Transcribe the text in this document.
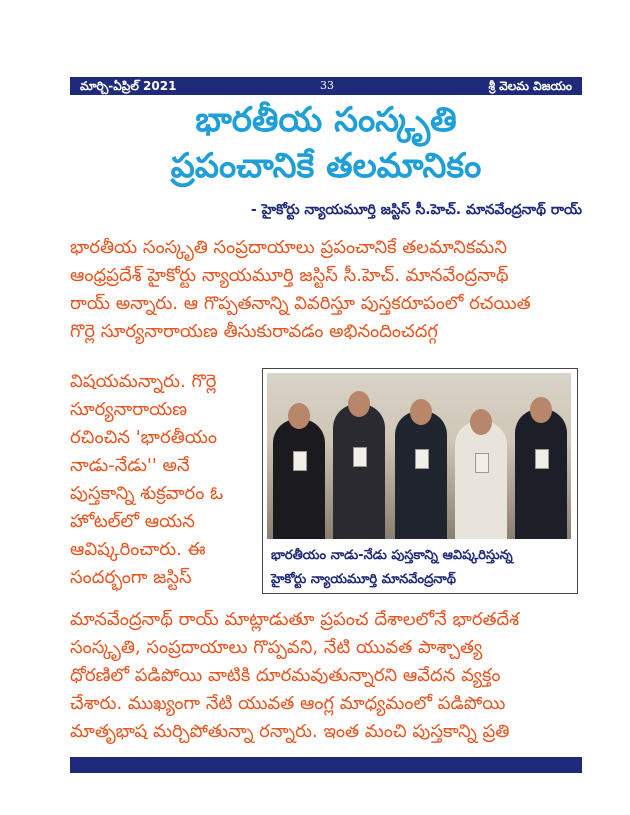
మార్చి-ఏప్రిల్ 2021	33	శ్రీ వెలమ విజయం
భారతీయ సంస్కృతి
ప్రపంచానికే తలమానికం
- హైకోర్టు న్యాయమూర్తి జస్టిస్ సీ.హెచ్. మానవేంద్రనాథ్ రాయ్
భారతీయ సంస్కృతి సంప్రదాయాలు ప్రపంచానికే తలమానికమని
ఆంధ్రప్రదేశ్ హైకోర్టు న్యాయమూర్తి జస్టిస్ సీ.హెచ్. మానవేంద్రనాథ్
రాయ్ అన్నారు. ఆ గొప్పతనాన్ని వివరిస్తూ పుస్తకరూపంలో రచయిత
గొర్లె సూర్యనారాయణ తీసుకురావడం అభినందించదగ్గ
విషయమన్నారు. గొర్లె
సూర్యనారాయణ
రచించిన 'భారతీయం
నాడు-నేడు'' అనే
పుస్తకాన్ని శుక్రవారం ఓ
హోటల్‌లో ఆయన
ఆవిష్కరించారు. ఈ
సందర్భంగా జస్టిస్
భారతీయం నాడు-నేడు పుస్తకాన్ని ఆవిష్కరిస్తున్న
హైకోర్టు న్యాయమూర్తి మానవేంద్రనాథ్
మానవేంద్రనాథ్ రాయ్ మాట్లాడుతూ ప్రపంచ దేశాలలోనే భారతదేశ
సంస్కృతి, సంప్రదాయాలు గొప్పవని, నేటి యువత పాశ్చాత్య
ధోరణిలో పడిపోయి వాటికి దూరమవుతున్నారని ఆవేదన వ్యక్తం
చేశారు. ముఖ్యంగా నేటి యువత ఆంగ్ల మాధ్యమంలో పడిపోయి
మాతృభాష మర్చిపోతున్నా రన్నారు. ఇంత మంచి పుస్తకాన్ని ప్రతి
